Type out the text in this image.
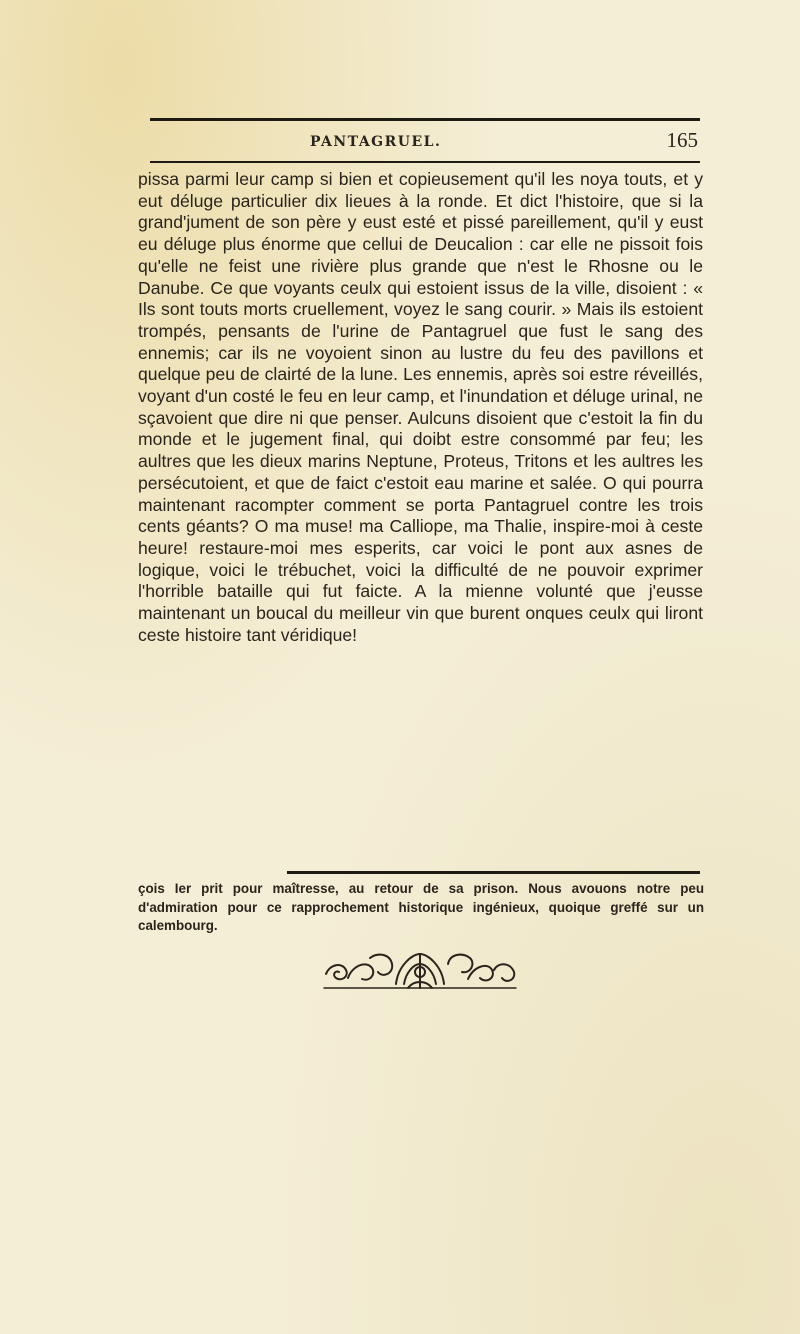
PANTAGRUEL.	165

pissa parmi leur camp si bien et copieusement qu'il les noya touts, et y eut déluge particulier dix lieues à la ronde. Et dict l'histoire, que si la grand'jument de son père y eust esté et pissé pareillement, qu'il y eust eu déluge plus énorme que cellui de Deucalion : car elle ne pissoit fois qu'elle ne feist une rivière plus grande que n'est le Rhosne ou le Danube. Ce que voyants ceulx qui estoient issus de la ville, disoient : « Ils sont touts morts cruellement, voyez le sang courir. » Mais ils estoient trompés, pensants de l'urine de Pantagruel que fust le sang des ennemis; car ils ne voyoient sinon au lustre du feu des pavillons et quelque peu de clairté de la lune. Les ennemis, après soi estre réveillés, voyant d'un costé le feu en leur camp, et l'inundation et déluge urinal, ne sçavoient que dire ni que penser. Aulcuns disoient que c'estoit la fin du monde et le jugement final, qui doibt estre consommé par feu; les aultres que les dieux marins Neptune, Proteus, Tritons et les aultres les persécutoient, et que de faict c'estoit eau marine et salée. O qui pourra maintenant racompter comment se porta Pantagruel contre les trois cents géants? O ma muse! ma Calliope, ma Thalie, inspire-moi à ceste heure! restaure-moi mes esperits, car voici le pont aux asnes de logique, voici le trébuchet, voici la difficulté de ne pouvoir exprimer l'horrible bataille qui fut faicte. A la mienne volunté que j'eusse maintenant un boucal du meilleur vin que burent onques ceulx qui liront ceste histoire tant véridique!

çois Ier prit pour maîtresse, au retour de sa prison. Nous avouons notre peu d'admiration pour ce rapprochement historique ingénieux, quoique greffé sur un calembourg.
